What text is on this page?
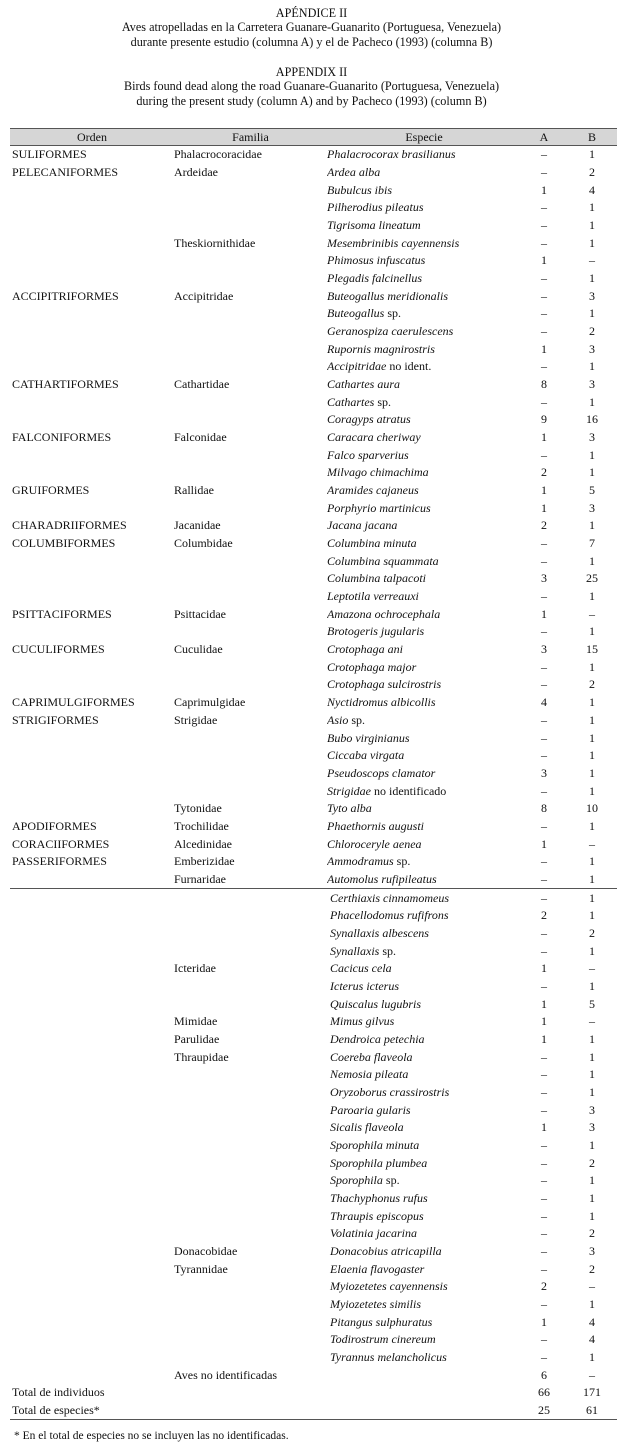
APÉNDICE II
Aves atropelladas en la Carretera Guanare-Guanarito (Portuguesa, Venezuela)
durante presente estudio (columna A) y el de Pacheco (1993) (columna B)
APPENDIX II
Birds found dead along the road Guanare-Guanarito (Portuguesa, Venezuela)
during the present study (column A) and by Pacheco (1993) (column B)
Orden	Familia	Especie	A	B
SULIFORMES	Phalacrocoracidae	Phalacrocorax brasilianus	–	1
PELECANIFORMES	Ardeidae	Ardea alba	–	2
		Bubulcus ibis	1	4
		Pilherodius pileatus	–	1
		Tigrisoma lineatum	–	1
	Theskiornithidae	Mesembrinibis cayennensis	–	1
		Phimosus infuscatus	1	–
		Plegadis falcinellus	–	1
ACCIPITRIFORMES	Accipitridae	Buteogallus meridionalis	–	3
		Buteogallus sp.	–	1
		Geranospiza caerulescens	–	2
		Rupornis magnirostris	1	3
		Accipitridae no ident.	–	1
CATHARTIFORMES	Cathartidae	Cathartes aura	8	3
		Cathartes sp.	–	1
		Coragyps atratus	9	16
FALCONIFORMES	Falconidae	Caracara cheriway	1	3
		Falco sparverius	–	1
		Milvago chimachima	2	1
GRUIFORMES	Rallidae	Aramides cajaneus	1	5
		Porphyrio martinicus	1	3
CHARADRIIFORMES	Jacanidae	Jacana jacana	2	1
COLUMBIFORMES	Columbidae	Columbina minuta	–	7
		Columbina squammata	–	1
		Columbina talpacoti	3	25
		Leptotila verreauxi	–	1
PSITTACIFORMES	Psittacidae	Amazona ochrocephala	1	–
		Brotogeris jugularis	–	1
CUCULIFORMES	Cuculidae	Crotophaga ani	3	15
		Crotophaga major	–	1
		Crotophaga sulcirostris	–	2
CAPRIMULGIFORMES	Caprimulgidae	Nyctidromus albicollis	4	1
STRIGIFORMES	Strigidae	Asio sp.	–	1
		Bubo virginianus	–	1
		Ciccaba virgata	–	1
		Pseudoscops clamator	3	1
		Strigidae no identificado	–	1
	Tytonidae	Tyto alba	8	10
APODIFORMES	Trochilidae	Phaethornis augusti	–	1
CORACIIFORMES	Alcedinidae	Chloroceryle aenea	1	–
PASSERIFORMES	Emberizidae	Ammodramus sp.	–	1
	Furnaridae	Automolus rufipileatus	–	1
		Certhiaxis cinnamomeus	–	1
		Phacellodomus rufifrons	2	1
		Synallaxis albescens	–	2
		Synallaxis sp.	–	1
	Icteridae	Cacicus cela	1	–
		Icterus icterus	–	1
		Quiscalus lugubris	1	5
	Mimidae	Mimus gilvus	1	–
	Parulidae	Dendroica petechia	1	1
	Thraupidae	Coereba flaveola	–	1
		Nemosia pileata	–	1
		Oryzoborus crassirostris	–	1
		Paroaria gularis	–	3
		Sicalis flaveola	1	3
		Sporophila minuta	–	1
		Sporophila plumbea	–	2
		Sporophila sp.	–	1
		Thachyphonus rufus	–	1
		Thraupis episcopus	–	1
		Volatinia jacarina	–	2
	Donacobidae	Donacobius atricapilla	–	3
	Tyrannidae	Elaenia flavogaster	–	2
		Myiozetetes cayennensis	2	–
		Myiozetetes similis	–	1
		Pitangus sulphuratus	1	4
		Todirostrum cinereum	–	4
		Tyrannus melancholicus	–	1
	Aves no identificadas		6	–
Total de individuos			66	171
Total de especies*			25	61
* En el total de especies no se incluyen las no identificadas.
